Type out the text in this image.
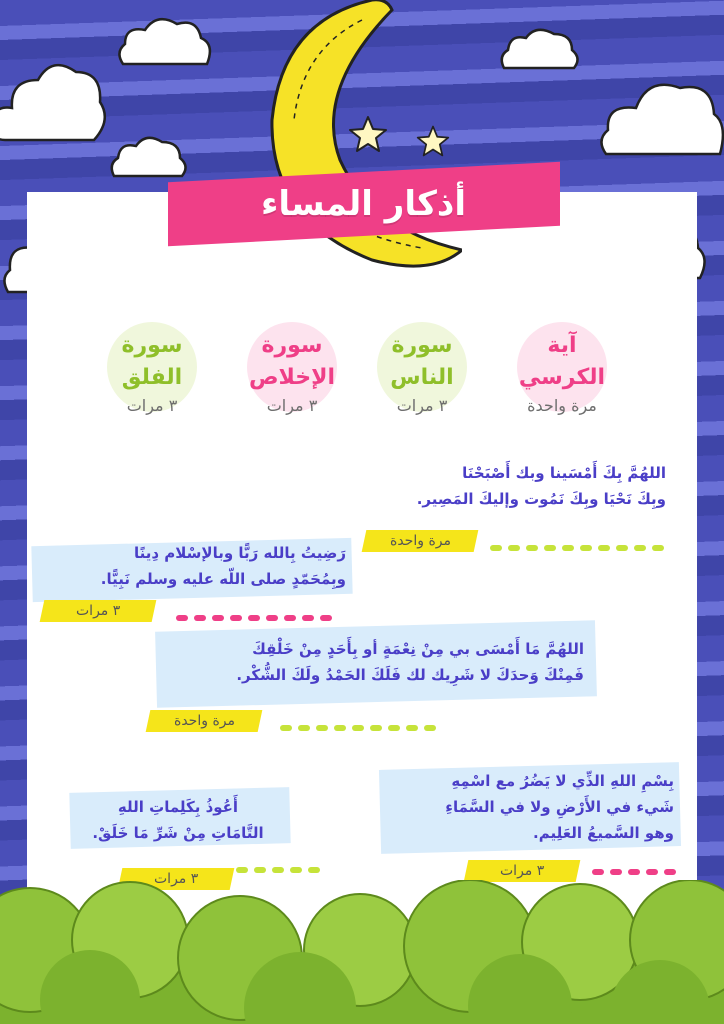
أذكار المساء
آية
الكرسي
مرة واحدة
سورة
الناس
٣ مرات
سورة
الإخلاص
٣ مرات
سورة
الفلق
٣ مرات
اللهُمَّ بِكَ أَمْسَينا وبك أَصْبَحْنَا
وبِكَ نَحْيَا وبِكَ نَمُوت وإليكَ المَصِير.
مرة واحدة
رَضِيتُ بِالله رَبًّا وبالإسْلام دِينًا
وبِمُحَمّدٍ صلى اللّه عليه وسلم نَبِيًّا.
٣ مرات
اللهُمَّ مَا أَمْسَى بي مِنْ نِعْمَةٍ أو بِأَحَدٍ مِنْ خَلْقِكَ
فَمِنْكَ وَحدَكَ لا شَرِيك لك فَلَكَ الحَمْدُ ولَكَ الشُّكْر.
مرة واحدة
أَعُوذُ بِكَلِماتِ اللهِ
التَّامَاتِ مِنْ شَرِّ مَا خَلَقْ.
٣ مرات
بِسْمِ اللهِ الذِّي لا يَضُرُ مع اسْمِهِ
شَيء في الأَرْضِ ولا في السَّمَاءِ
وهو السَّميعُ العَلِيم.
٣ مرات
